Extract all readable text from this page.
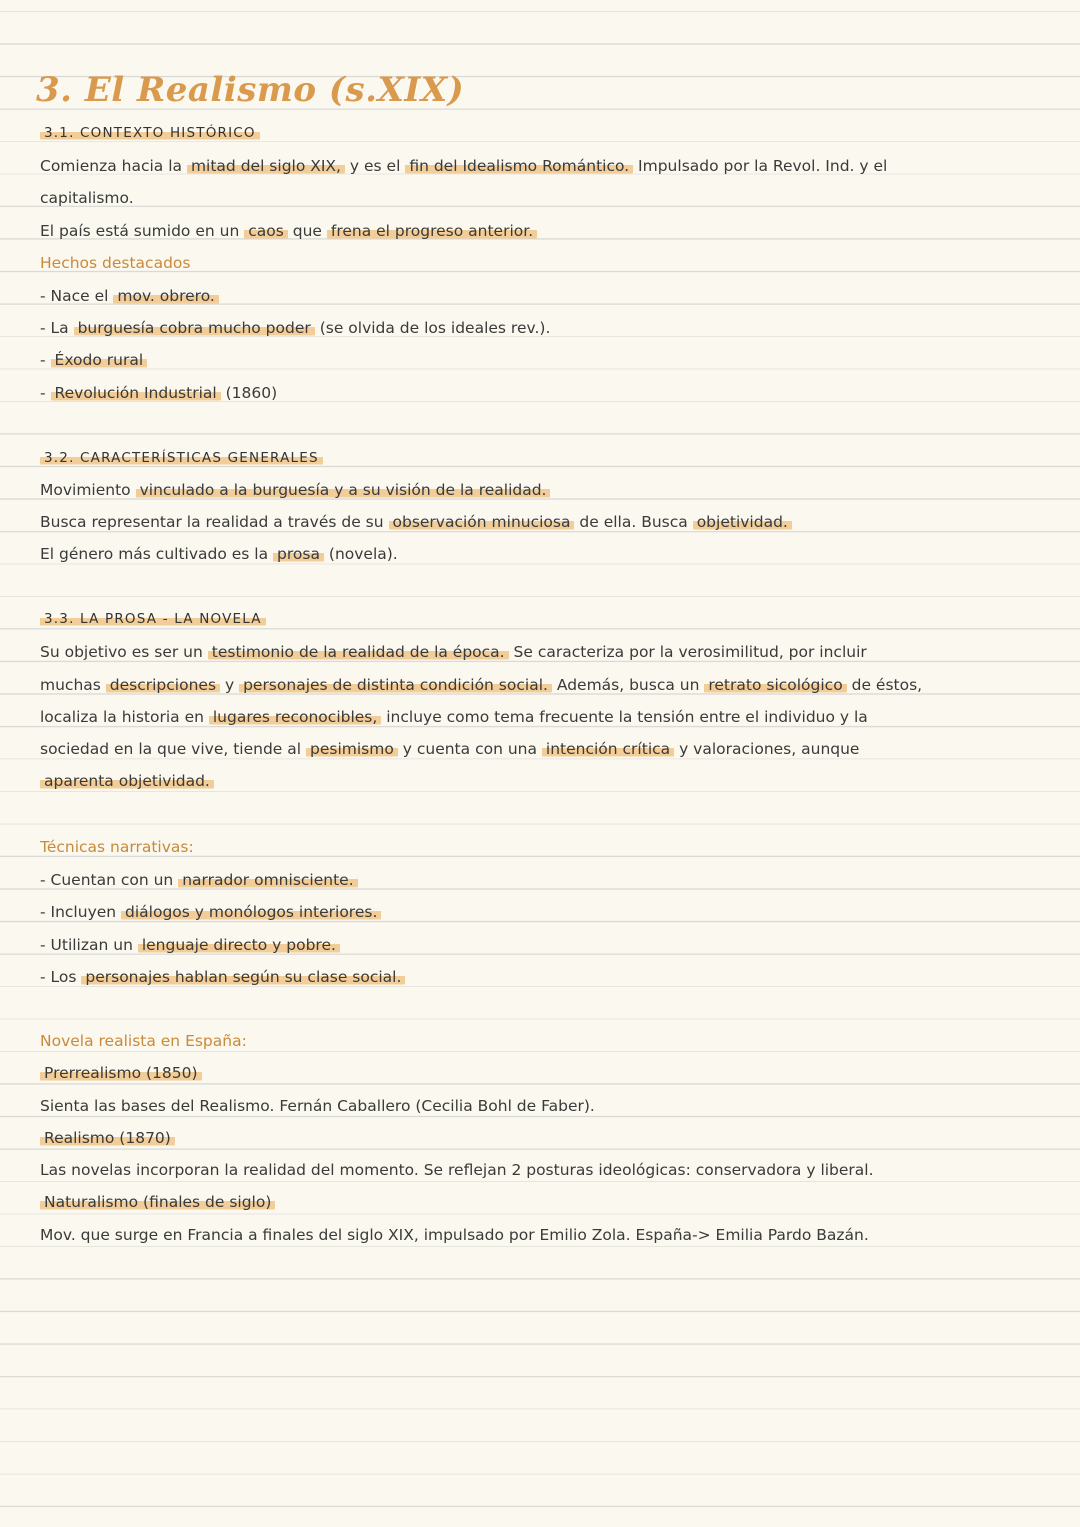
3. El Realismo (s.XIX)
3.1. CONTEXTO HISTÓRICO
Comienza hacia la mitad del siglo XIX, y es el fin del Idealismo Romántico. Impulsado por la Revol. Ind. y el
capitalismo.
El país está sumido en un caos que frena el progreso anterior.
Hechos destacados
- Nace el mov. obrero.
- La burguesía cobra mucho poder (se olvida de los ideales rev.).
- Éxodo rural
- Revolución Industrial (1860)
3.2. CARACTERÍSTICAS GENERALES
Movimiento vinculado a la burguesía y a su visión de la realidad.
Busca representar la realidad a través de su observación minuciosa de ella. Busca objetividad.
El género más cultivado es la prosa (novela).
3.3. LA PROSA - LA NOVELA
Su objetivo es ser un testimonio de la realidad de la época. Se caracteriza por la verosimilitud, por incluir
muchas descripciones y personajes de distinta condición social. Además, busca un retrato sicológico de éstos,
localiza la historia en lugares reconocibles, incluye como tema frecuente la tensión entre el individuo y la
sociedad en la que vive, tiende al pesimismo y cuenta con una intención crítica y valoraciones, aunque
aparenta objetividad.
Técnicas narrativas:
- Cuentan con un narrador omnisciente.
- Incluyen diálogos y monólogos interiores.
- Utilizan un lenguaje directo y pobre.
- Los personajes hablan según su clase social.
Novela realista en España:
Prerrealismo (1850)
Sienta las bases del Realismo. Fernán Caballero (Cecilia Bohl de Faber).
Realismo (1870)
Las novelas incorporan la realidad del momento. Se reflejan 2 posturas ideológicas: conservadora y liberal.
Naturalismo (finales de siglo)
Mov. que surge en Francia a finales del siglo XIX, impulsado por Emilio Zola. España-> Emilia Pardo Bazán.
